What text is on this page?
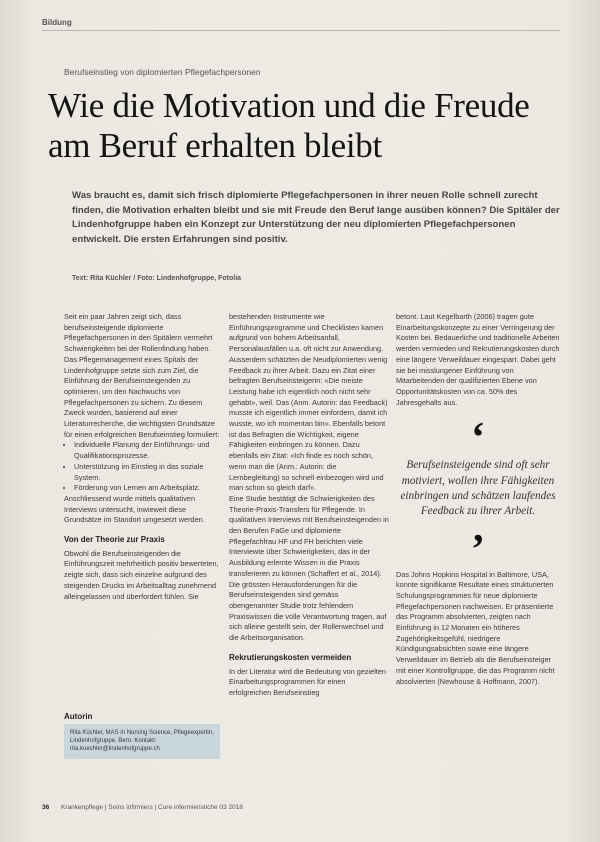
Bildung
Berufseinstieg von diplomierten Pflegefachpersonen
Wie die Motivation und die Freude am Beruf erhalten bleibt

Was braucht es, damit sich frisch diplomierte Pflegefachpersonen in ihrer neuen Rolle schnell zurecht finden, die Motivation erhalten bleibt und sie mit Freude den Beruf lange ausüben können? Die Spitäler der Lindenhofgruppe haben ein Konzept zur Unterstützung der neu diplomierten Pflegefachpersonen entwickelt. Die ersten Erfahrungen sind positiv.

Text: Rita Küchler / Foto: Lindenhofgruppe, Fotolia

Seit ein paar Jahren zeigt sich, dass berufseinsteigende diplomierte Pflegefachpersonen in den Spitälern vermehrt Schwierigkeiten bei der Rollenfindung haben. Das Pflegemanagement eines Spitals der Lindenhofgruppe setzte sich zum Ziel, die Einführung der Berufseinsteigenden zu optimieren, um den Nachwuchs von Pflegefachpersonen zu sichern. Zu diesem Zweck wurden, basierend auf einer Literaturrecherche, die wichtigsten Grundsätze für einen erfolgreichen Berufseinstieg formuliert:

• Individuelle Planung der Einführungs- und Qualifikationsprozesse.
• Unterstützung im Einstieg in das soziale System.
• Förderung von Lernen am Arbeitsplatz.

Anschliessend wurde mittels qualitativen Interviews untersucht, inwieweit diese Grundsätze im Standort umgesetzt werden.

Von der Theorie zur Praxis

Obwohl die Berufseinsteigenden die Einführungszeit mehrheitlich positiv bewerteten, zeigte sich, dass sich einzelne aufgrund des steigenden Drucks im Arbeitsalltag zunehmend alleingelassen und überfordert fühlen. Sie

bestehenden Instrumente wie Einführungsprogramme und Checklisten kamen aufgrund von hohem Arbeitsanfall, Personalausfällen u.a. oft nicht zur Anwendung. Ausserdem schätzten die Neudiplomierten wenig Feedback zu ihrer Arbeit. Dazu ein Zitat einer befragten Berufseinsteigerin: «Die meiste Leistung habe ich eigentlich noch nicht sehr gehabt», weil. Das (Anm. Autorin: das Feedback) musste ich eigentlich immer einfordern, damit ich wusste, wo ich momentan bin». Ebenfalls betont ist das Befragten die Wichtigkeit, eigene Fähigkeiten einbringen zu können. Dazu ebenfalls ein Zitat: «Ich finde es noch schön, wenn man die (Anm.: Autorin: die Lernbegleitung) so schnell einbezogen wird und man schon so gleich darf».

Eine Studie bestätigt die Schwierigkeiten des Theorie-Praxis-Transfers für Pflegende. In qualitativen Interviews mit Berufseinsteigenden in den Berufen FaGe und diplomierte Pflegefachfrau HF und FH berichten viele Interviewte über Schwierigkeiten, das in der Ausbildung erlernte Wissen in die Praxis transferieren zu können (Schaffert et al., 2014). Die grössten Herausforderungen für die Berufseinsteigenden sind gemäss obengenannter Studie trotz fehlendem Praxiswissen die volle Verantwortung tragen, auf sich alleine gestellt sein, der Rollenwechsel und die Arbeitsorganisation.

Rekrutierungskosten vermeiden

In der Literatur wird die Bedeutung von gezielten Einarbeitungsprogrammen für einen erfolgreichen Berufseinstieg

betont. Laut Kegelbarth (2006) tragen gute Einarbeitungskonzepte zu einer Verringerung der Kosten bei. Bedauerliche und traditionelle Arbeiten werden vermieden und Rekrutierungskosten durch eine längere Verweildauer eingespart. Dabei geht sie bei misslungener Einführung von Mitarbeitenden der qualifizierten Ebene von Opportunitätskosten von ca. 50% des Jahresgehalts aus.

‘

Berufseinsteigende sind oft sehr motiviert, wollen ihre Fähigkeiten einbringen und schätzen laufendes Feedback zu ihrer Arbeit.

’

Das Johns Hopkins Hospital in Baltimore, USA, konnte signifikante Resultate eines strukturierten Schulungsprogrammes für neue diplomierte Pflegefachpersonen nachweisen. Er präsentierte das Programm absolvierten, zeigten nach Einführung in 12 Monaten ein höheres Zugehörigkeitsgefühl, niedrigere Kündigungsabsichten sowie eine längere Verweildauer im Betrieb als die Berufseinsteiger mit einer Kontrollgruppe, die das Programm nicht absolvierten (Newhouse & Hoffmann, 2007).

Autorin
Rita Küchler, MAS in Nursing Science, Pflegeexpertin, Lindenhofgruppe, Bern. Kontakt: rita.kuechler@lindenhofgruppe.ch
36 Krankenpflege | Soins infirmiers | Cure infermieristiche 03 2018
